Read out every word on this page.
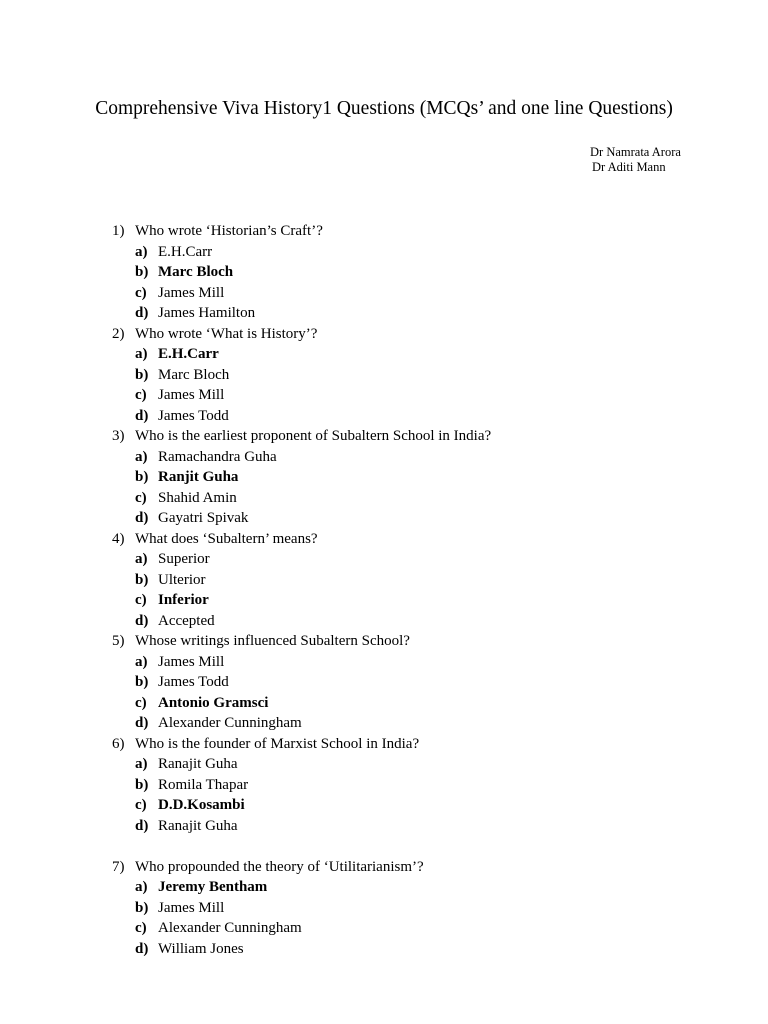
Comprehensive Viva History1 Questions (MCQs’ and one line Questions)
Dr Namrata Arora
Dr Aditi Mann
1) Who wrote ‘Historian’s Craft’?
a) E.H.Carr
b) Marc Bloch
c) James Mill
d) James Hamilton
2) Who wrote ‘What is History’?
a) E.H.Carr
b) Marc Bloch
c) James Mill
d) James Todd
3) Who is the earliest proponent of Subaltern School in India?
a) Ramachandra Guha
b) Ranjit Guha
c) Shahid Amin
d) Gayatri Spivak
4) What does ‘Subaltern’ means?
a) Superior
b) Ulterior
c) Inferior
d) Accepted
5) Whose writings influenced Subaltern School?
a) James Mill
b) James Todd
c) Antonio Gramsci
d) Alexander Cunningham
6) Who is the founder of Marxist School in India?
a) Ranajit Guha
b) Romila Thapar
c) D.D.Kosambi
d) Ranajit Guha
7) Who propounded the theory of ‘Utilitarianism’?
a) Jeremy Bentham
b) James Mill
c) Alexander Cunningham
d) William Jones
